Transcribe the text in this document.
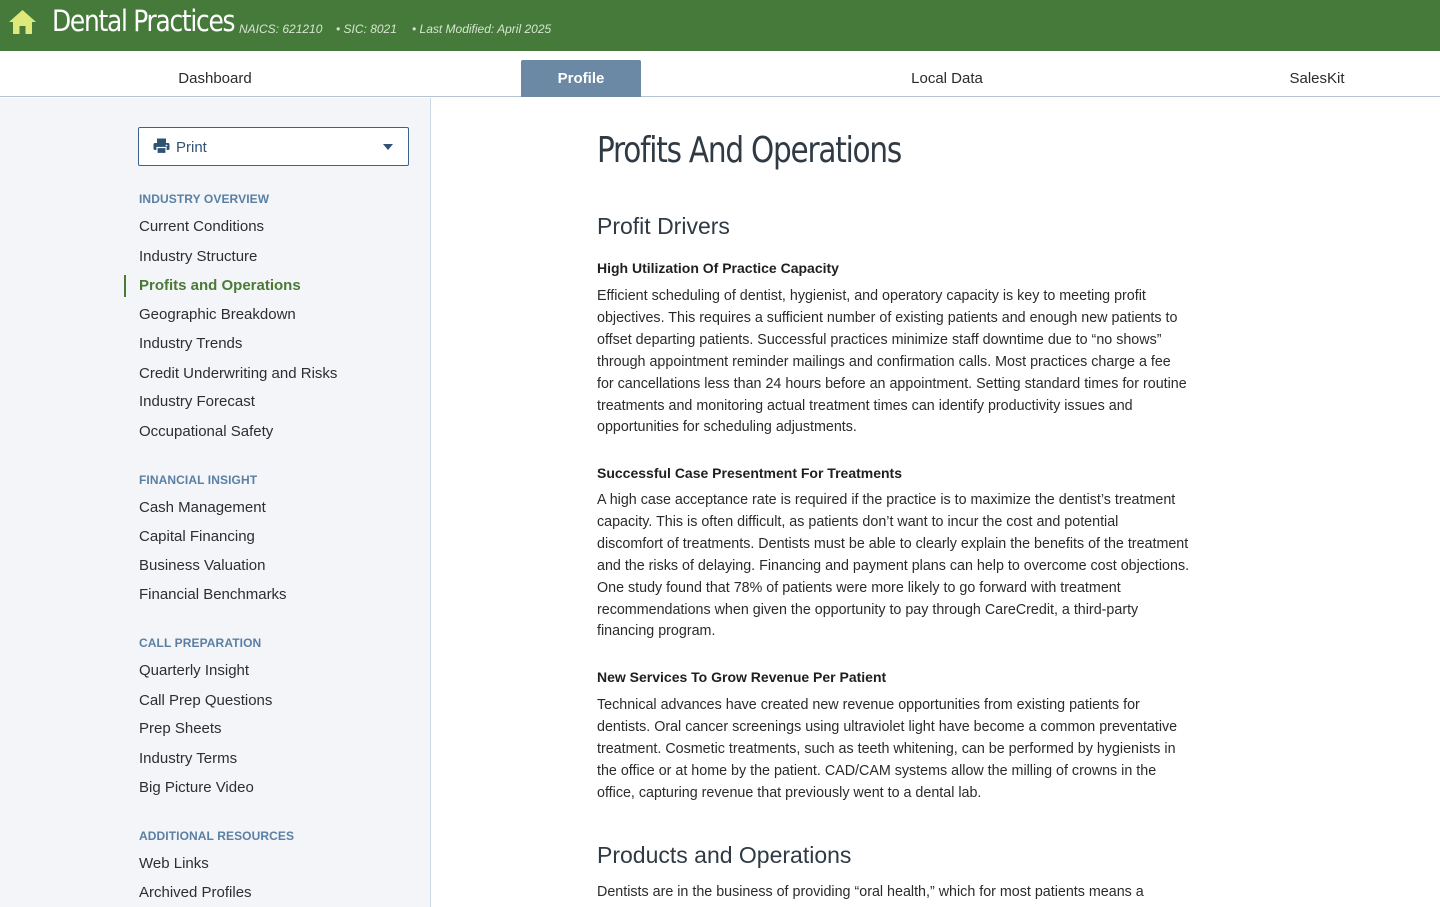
Dental Practices NAICS: 621210 • SIC: 8021 • Last Modified: April 2025
Dashboard	Profile	Local Data	SalesKit
Print
INDUSTRY OVERVIEW
Current Conditions
Industry Structure
Profits and Operations
Geographic Breakdown
Industry Trends
Credit Underwriting and Risks
Industry Forecast
Occupational Safety
FINANCIAL INSIGHT
Cash Management
Capital Financing
Business Valuation
Financial Benchmarks
CALL PREPARATION
Quarterly Insight
Call Prep Questions
Prep Sheets
Industry Terms
Big Picture Video
ADDITIONAL RESOURCES
Web Links
Archived Profiles
Profits And Operations
Profit Drivers
High Utilization Of Practice Capacity
Efficient scheduling of dentist, hygienist, and operatory capacity is key to meeting profit
objectives. This requires a sufficient number of existing patients and enough new patients to
offset departing patients. Successful practices minimize staff downtime due to “no shows”
through appointment reminder mailings and confirmation calls. Most practices charge a fee
for cancellations less than 24 hours before an appointment. Setting standard times for routine
treatments and monitoring actual treatment times can identify productivity issues and
opportunities for scheduling adjustments.
Successful Case Presentment For Treatments
A high case acceptance rate is required if the practice is to maximize the dentist’s treatment
capacity. This is often difficult, as patients don’t want to incur the cost and potential
discomfort of treatments. Dentists must be able to clearly explain the benefits of the treatment
and the risks of delaying. Financing and payment plans can help to overcome cost objections.
One study found that 78% of patients were more likely to go forward with treatment
recommendations when given the opportunity to pay through CareCredit, a third-party
financing program.
New Services To Grow Revenue Per Patient
Technical advances have created new revenue opportunities from existing patients for
dentists. Oral cancer screenings using ultraviolet light have become a common preventative
treatment. Cosmetic treatments, such as teeth whitening, can be performed by hygienists in
the office or at home by the patient. CAD/CAM systems allow the milling of crowns in the
office, capturing revenue that previously went to a dental lab.
Products and Operations
Dentists are in the business of providing “oral health,” which for most patients means a
